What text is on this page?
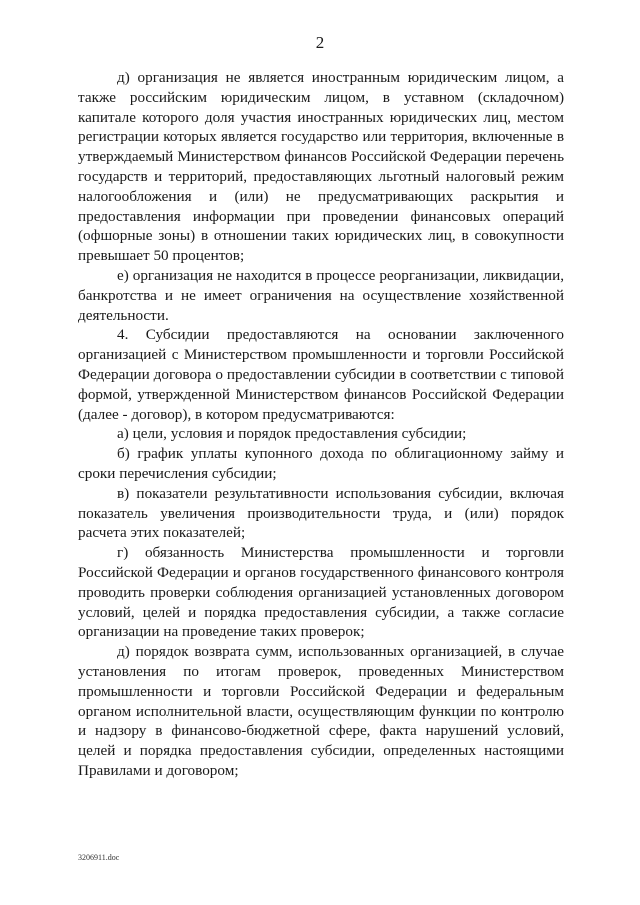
2

д) организация не является иностранным юридическим лицом, а также российским юридическим лицом, в уставном (складочном) капитале которого доля участия иностранных юридических лиц, местом регистрации которых является государство или территория, включенные в утверждаемый Министерством финансов Российской Федерации перечень государств и территорий, предоставляющих льготный налоговый режим налогообложения и (или) не предусматривающих раскрытия и предоставления информации при проведении финансовых операций (офшорные зоны) в отношении таких юридических лиц, в совокупности превышает 50 процентов;

е) организация не находится в процессе реорганизации, ликвидации, банкротства и не имеет ограничения на осуществление хозяйственной деятельности.

4. Субсидии предоставляются на основании заключенного организацией с Министерством промышленности и торговли Российской Федерации договора о предоставлении субсидии в соответствии с типовой формой, утвержденной Министерством финансов Российской Федерации (далее - договор), в котором предусматриваются:

а) цели, условия и порядок предоставления субсидии;

б) график уплаты купонного дохода по облигационному займу и сроки перечисления субсидии;

в) показатели результативности использования субсидии, включая показатель увеличения производительности труда, и (или) порядок расчета этих показателей;

г) обязанность Министерства промышленности и торговли Российской Федерации и органов государственного финансового контроля проводить проверки соблюдения организацией установленных договором условий, целей и порядка предоставления субсидии, а также согласие организации на проведение таких проверок;

д) порядок возврата сумм, использованных организацией, в случае установления по итогам проверок, проведенных Министерством промышленности и торговли Российской Федерации и федеральным органом исполнительной власти, осуществляющим функции по контролю и надзору в финансово-бюджетной сфере, факта нарушений условий, целей и порядка предоставления субсидии, определенных настоящими Правилами и договором;

3206911.doc
